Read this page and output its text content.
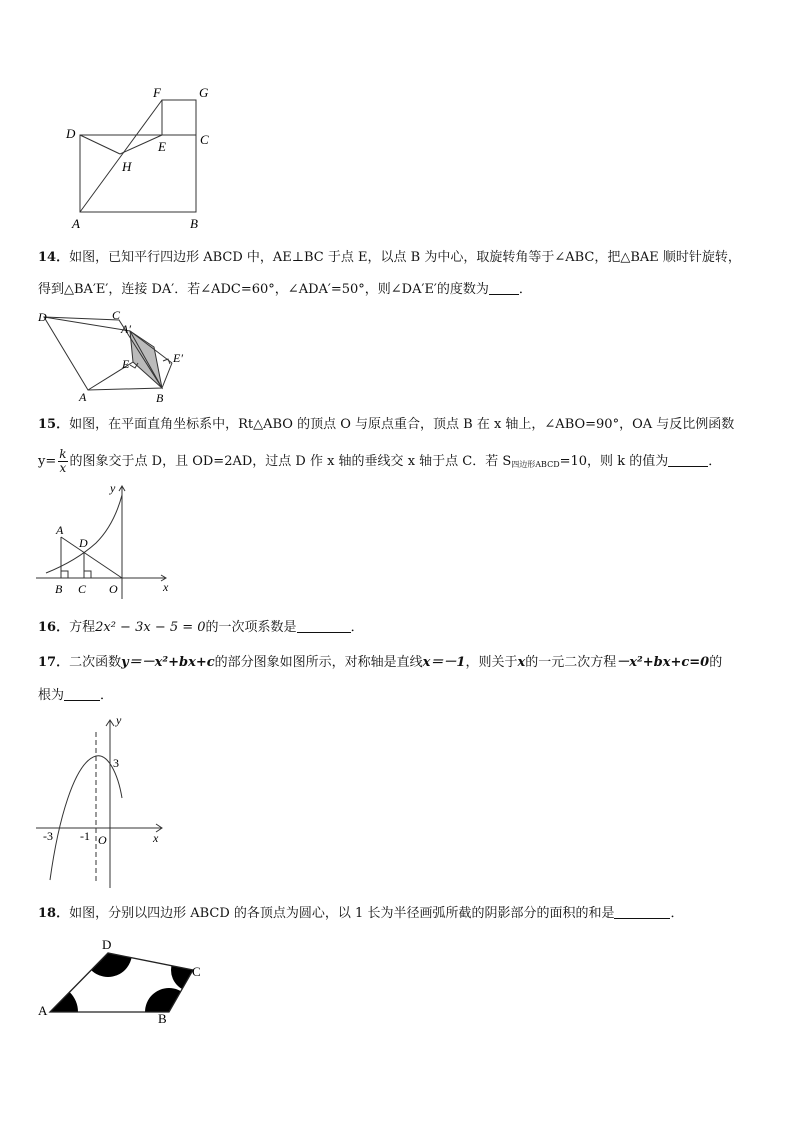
F	G
D	C
E
H
A	B
14．如图，已知平行四边形 ABCD 中，AE⊥BC 于点 E，以点 B 为中心，取旋转角等于∠ABC，把△BAE 顺时针旋转，
得到△BA′E′，连接 DA′．若∠ADC=60°，∠ADA′=50°，则∠DA′E′的度数为 ．
D	C
A′
E′
E
A	B
15．如图，在平面直角坐标系中，Rt△ABO 的顶点 O 与原点重合，顶点 B 在 x 轴上，∠ABO=90°，OA 与反比例函数
$y= \frac{k}{x}$ 的图象交于点 D，且 OD=2AD，过点 D 作 x 轴的垂线交 x 轴于点 C．若 $S_{四边形ABCD}=10$，则 k 的值为	．
y
A
D
B C O	x
16．方程2x² − 3x − 5 = 0的一次项系数是	．
17．二次函数y＝－x²+bx+c的部分图象如图所示，对称轴是直线x＝－1，则关于x的一元二次方程－x²+bx+c=0的
根为	．
y
3
-3 -1 O	x
18．如图，分别以四边形 ABCD 的各顶点为圆心，以 1 长为半径画弧所截的阴影部分的面积的和是	．
D
C
A
B
